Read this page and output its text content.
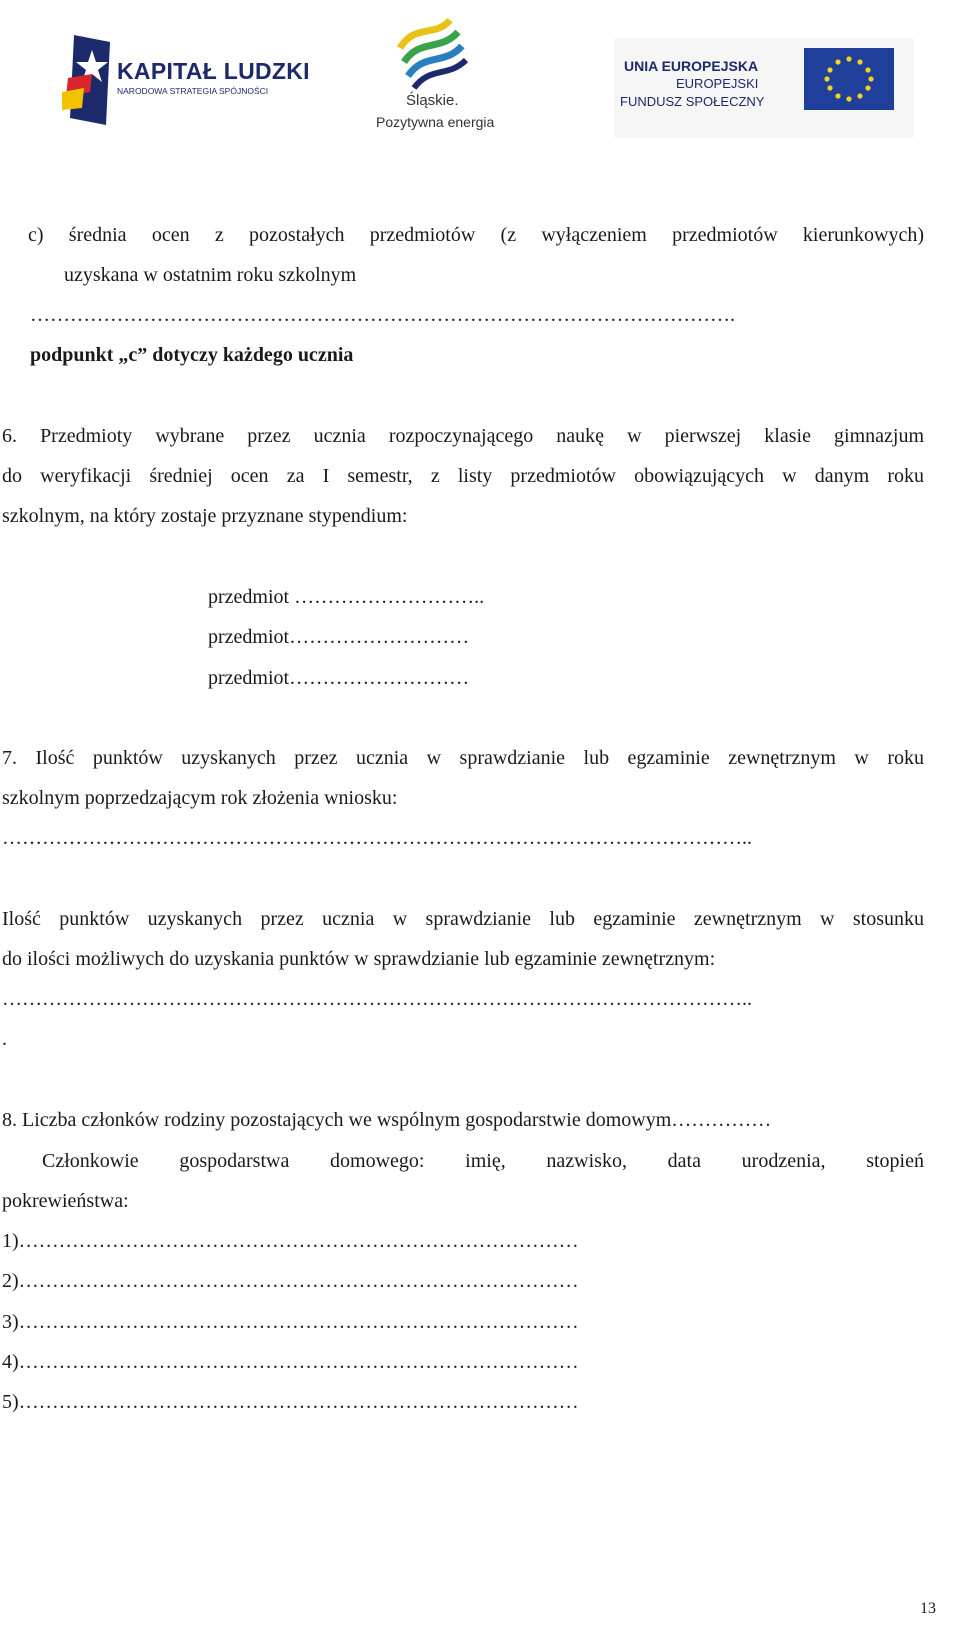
KAPITAŁ LUDZKI
NARODOWA STRATEGIA SPÓJNOŚCI
Śląskie.
Pozytywna energia
UNIA EUROPEJSKA
EUROPEJSKI
FUNDUSZ SPOŁECZNY
c) średnia ocen z pozostałych przedmiotów (z wyłączeniem przedmiotów kierunkowych)
uzyskana w ostatnim roku szkolnym
…………………………………………………………………………………………….
podpunkt „c” dotyczy każdego ucznia
6. Przedmioty wybrane przez ucznia rozpoczynającego naukę w pierwszej klasie gimnazjum
do weryfikacji średniej ocen za I semestr, z listy przedmiotów obowiązujących w danym roku
szkolnym, na który zostaje przyznane stypendium:
przedmiot ………………………..
przedmiot………………………
przedmiot………………………
7. Ilość punktów uzyskanych przez ucznia w sprawdzianie lub egzaminie zewnętrznym w roku
szkolnym poprzedzającym rok złożenia wniosku:
…………………………………………………………………………………………………..
Ilość punktów uzyskanych przez ucznia w sprawdzianie lub egzaminie zewnętrznym w stosunku
do ilości możliwych do uzyskania punktów w sprawdzianie lub egzaminie zewnętrznym:
…………………………………………………………………………………………………..
.
8. Liczba członków rodziny pozostających we wspólnym gospodarstwie domowym……………
Członkowie gospodarstwa domowego: imię, nazwisko, data urodzenia, stopień
pokrewieństwa:
1)…………………………………………………………………………
2)…………………………………………………………………………
3)…………………………………………………………………………
4)…………………………………………………………………………
5)…………………………………………………………………………
13
